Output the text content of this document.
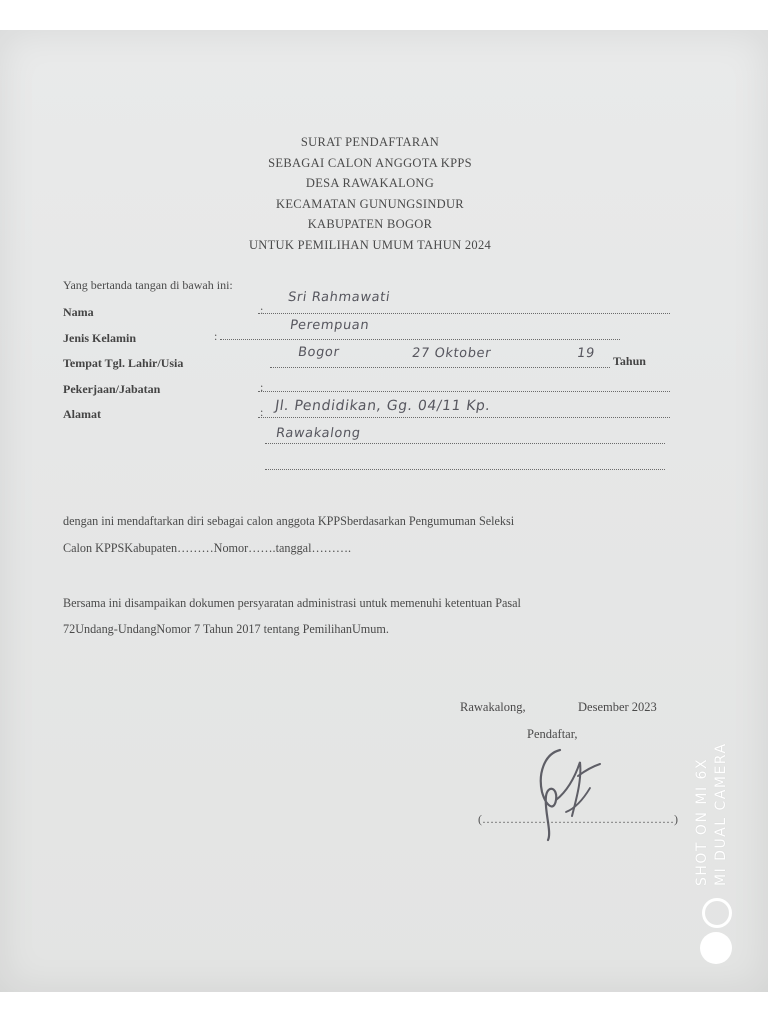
SURAT PENDAFTARAN
SEBAGAI CALON ANGGOTA KPPS
DESA RAWAKALONG
KECAMATAN GUNUNGSINDUR
KABUPATEN BOGOR
UNTUK PEMILIHAN UMUM TAHUN 2024
Yang bertanda tangan di bawah ini:
Nama	:
Sri Rahmawati
Jenis Kelamin	:
Perempuan
Tempat Tgl. Lahir/Usia
Bogor	27 Oktober	19 Tahun
Pekerjaan/Jabatan	:
Alamat	: Jl. Pendidikan, Gg. 04/11 Kp.
Rawakalong
dengan ini mendaftarkan diri sebagai calon anggota KPPSberdasarkan Pengumuman Seleksi
Calon KPPSKabupaten………Nomor…….tanggal……….
Bersama ini disampaikan dokumen persyaratan administrasi untuk memenuhi ketentuan Pasal
72Undang-UndangNomor 7 Tahun 2017 tentang PemilihanUmum.
Rawakalong,	Desember 2023
Pendaftar,
(…………………………………………) SHOT ON MI 6X MI DUAL CAMERA
